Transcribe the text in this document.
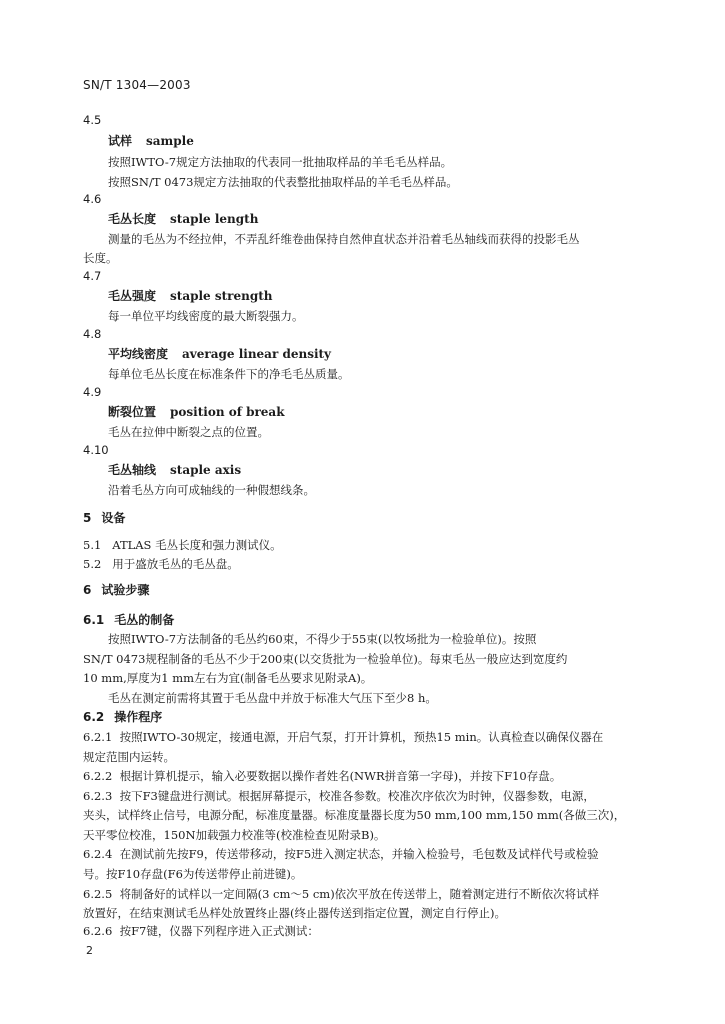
SN/T 1304—2003
4.5
试样 sample
按照IWTO-7规定方法抽取的代表同一批抽取样品的羊毛毛丛样品。
按照SN/T 0473规定方法抽取的代表整批抽取样品的羊毛毛丛样品。
4.6
毛丛长度 staple length
测量的毛丛为不经拉伸，不弄乱纤维卷曲保持自然伸直状态并沿着毛丛轴线而获得的投影毛丛
长度。
4.7
毛丛强度 staple strength
每一单位平均线密度的最大断裂强力。
4.8
平均线密度 average linear density
每单位毛丛长度在标准条件下的净毛毛丛质量。
4.9
断裂位置 position of break
毛丛在拉伸中断裂之点的位置。
4.10
毛丛轴线 staple axis
沿着毛丛方向可成轴线的一种假想线条。
5 设备
5.1 ATLAS 毛丛长度和强力测试仪。
5.2 用于盛放毛丛的毛丛盘。
6 试验步骤
6.1 毛丛的制备
按照IWTO-7方法制备的毛丛约60束，不得少于55束(以牧场批为一检验单位)。按照
SN/T 0473规程制备的毛丛不少于200束(以交货批为一检验单位)。每束毛丛一般应达到宽度约
10 mm,厚度为1 mm左右为宜(制备毛丛要求见附录A)。
毛丛在测定前需将其置于毛丛盘中并放于标准大气压下至少8 h。
6.2 操作程序
6.2.1 按照IWTO-30规定，接通电源，开启气泵，打开计算机，预热15 min。认真检查以确保仪器在
规定范围内运转。
6.2.2 根据计算机提示，输入必要数据以操作者姓名(NWR拼音第一字母)，并按下F10存盘。
6.2.3 按下F3键盘进行测试。根据屏幕提示，校准各参数。校准次序依次为时钟，仪器参数，电源，
夹头，试样终止信号，电源分配，标准度量器。标准度量器长度为50 mm,100 mm,150 mm(各做三次)，
天平零位校准，150N加载强力校准等(校准检查见附录B)。
6.2.4 在测试前先按F9，传送带移动，按F5进入测定状态，并输入检验号，毛包数及试样代号或检验
号。按F10存盘(F6为传送带停止前进键)。
6.2.5 将制备好的试样以一定间隔(3 cm～5 cm)依次平放在传送带上，随着测定进行不断依次将试样
放置好，在结束测试毛丛样处放置终止器(终止器传送到指定位置，测定自行停止)。
6.2.6 按F7键，仪器下列程序进入正式测试：
2
